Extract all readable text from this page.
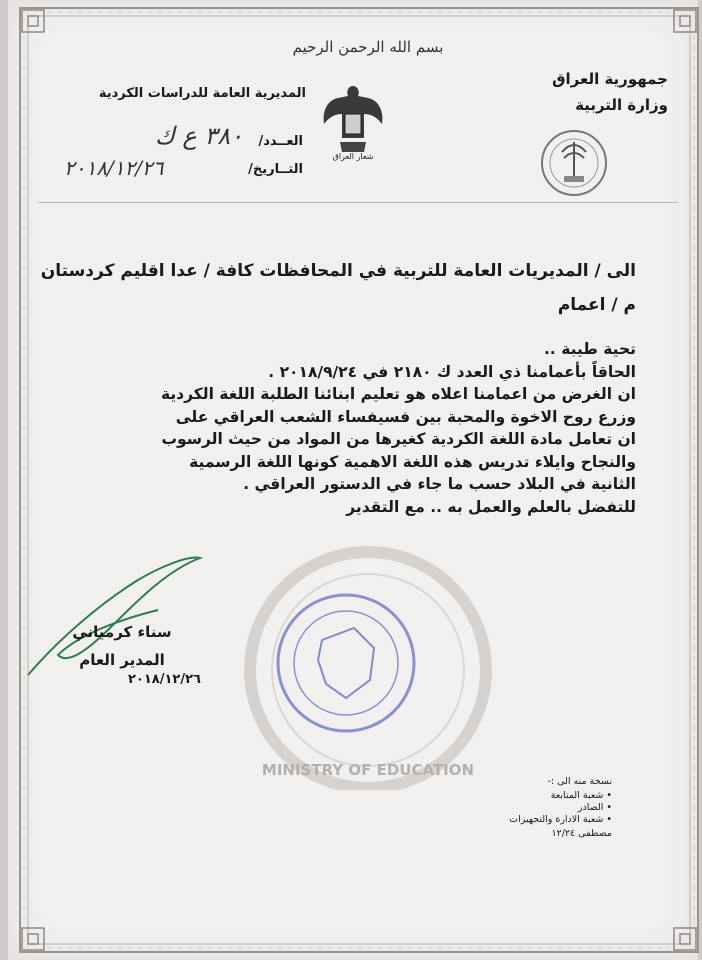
بسم الله الرحمن الرحيم
جمهورية العراق
وزارة التربية
المديرية العامة للدراسات الكردية
شعار العراق
العــدد/
٣٨٠ ع ك
التــاريخ/
٢٠١٨/١٢/٢٦
الى / المديريات العامة للتربية في المحافظات كافة / عدا اقليم كردستان
م / اعمام
MINISTRY OF EDUCATION
تحية طيبة ..
الحاقاً بأعمامنا ذي العدد ك ٢١٨٠ في ٢٠١٨/٩/٢٤ .
ان الغرض من اعمامنا اعلاه هو تعليم ابنائنا الطلبة اللغة الكردية
وزرع روح الاخوة والمحبة بين فسيفساء الشعب العراقي على
ان تعامل مادة اللغة الكردية كغيرها من المواد من حيث الرسوب
والنجاح وايلاء تدريس هذه اللغة الاهمية كونها اللغة الرسمية
الثانية في البلاد حسب ما جاء في الدستور العراقي .
للتفضل بالعلم والعمل به .. مع التقدير
سناء كرمياني
المدير العام
٢٠١٨/١٢/٢٦
نسخة منه الى :-
• شعبة المتابعة
• الصادر
• شعبة الادارة والتجهيزات
مصطفى ١٢/٢٤
